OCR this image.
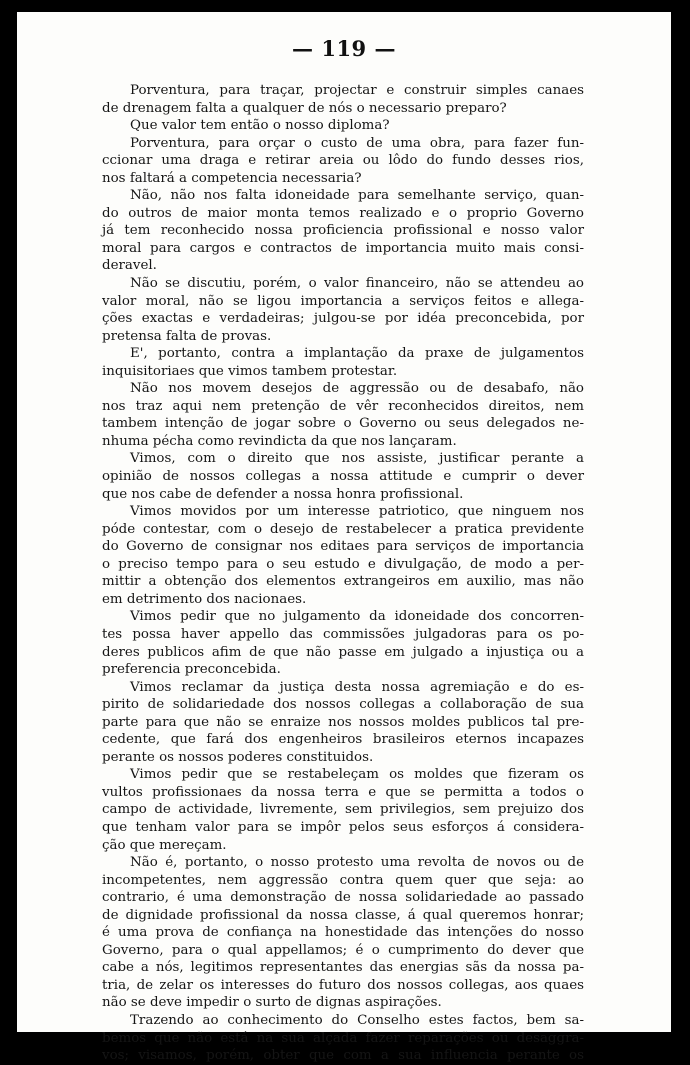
— 119 —
Porventura, para traçar, projectar e construir simples canaes
de drenagem falta a qualquer de nós o necessario preparo?
Que valor tem então o nosso diploma?
Porventura, para orçar o custo de uma obra, para fazer fun-
ccionar uma draga e retirar areia ou lôdo do fundo desses rios,
nos faltará a competencia necessaria?
Não, não nos falta idoneidade para semelhante serviço, quan-
do outros de maior monta temos realizado e o proprio Governo
já tem reconhecido nossa proficiencia profissional e nosso valor
moral para cargos e contractos de importancia muito mais consi-
deravel.
Não se discutiu, porém, o valor financeiro, não se attendeu ao
valor moral, não se ligou importancia a serviços feitos e allega-
ções exactas e verdadeiras; julgou-se por idéa preconcebida, por
pretensa falta de provas.
E', portanto, contra a implantação da praxe de julgamentos
inquisitoriaes que vimos tambem protestar.
Não nos movem desejos de aggressão ou de desabafo, não
nos traz aqui nem pretenção de vêr reconhecidos direitos, nem
tambem intenção de jogar sobre o Governo ou seus delegados ne-
nhuma pécha como revindicta da que nos lançaram.
Vimos, com o direito que nos assiste, justificar perante a
opinião de nossos collegas a nossa attitude e cumprir o dever
que nos cabe de defender a nossa honra profissional.
Vimos movidos por um interesse patriotico, que ninguem nos
póde contestar, com o desejo de restabelecer a pratica previdente
do Governo de consignar nos editaes para serviços de importancia
o preciso tempo para o seu estudo e divulgação, de modo a per-
mittir a obtenção dos elementos extrangeiros em auxilio, mas não
em detrimento dos nacionaes.
Vimos pedir que no julgamento da idoneidade dos concorren-
tes possa haver appello das commissões julgadoras para os po-
deres publicos afim de que não passe em julgado a injustiça ou a
preferencia preconcebida.
Vimos reclamar da justiça desta nossa agremiação e do es-
pirito de solidariedade dos nossos collegas a collaboração de sua
parte para que não se enraize nos nossos moldes publicos tal pre-
cedente, que fará dos engenheiros brasileiros eternos incapazes
perante os nossos poderes constituidos.
Vimos pedir que se restabeleçam os moldes que fizeram os
vultos profissionaes da nossa terra e que se permitta a todos o
campo de actividade, livremente, sem privilegios, sem prejuizo dos
que tenham valor para se impôr pelos seus esforços á considera-
ção que mereçam.
Não é, portanto, o nosso protesto uma revolta de novos ou de
incompetentes, nem aggressão contra quem quer que seja: ao
contrario, é uma demonstração de nossa solidariedade ao passado
de dignidade profissional da nossa classe, á qual queremos honrar;
é uma prova de confiança na honestidade das intenções do nosso
Governo, para o qual appellamos; é o cumprimento do dever que
cabe a nós, legitimos representantes das energias sãs da nossa pa-
tria, de zelar os interesses do futuro dos nossos collegas, aos quaes
não se deve impedir o surto de dignas aspirações.
Trazendo ao conhecimento do Conselho estes factos, bem sa-
bemos que não está na sua alçada fazer reparações ou desaggra-
vos; visamos, porém, obter que com a sua influencia perante os
